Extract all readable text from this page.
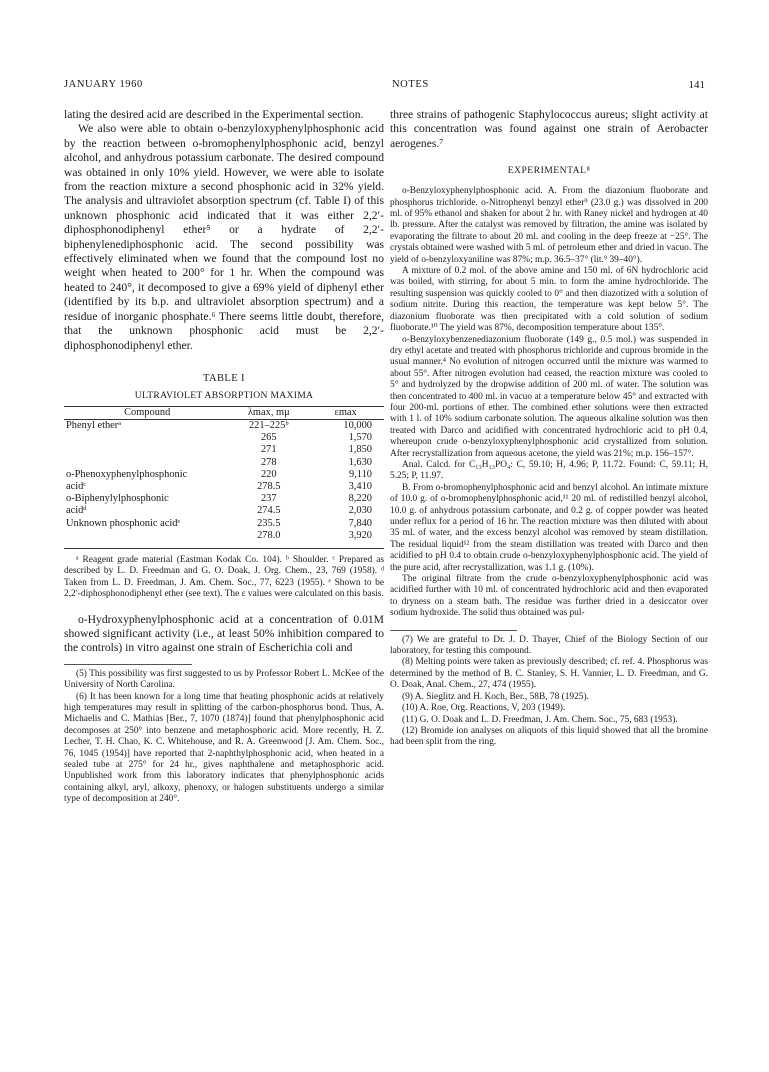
JANUARY 1960	NOTES	141

lating the desired acid are described in the Experimental section.

We also were able to obtain o-benzyloxyphenylphosphonic acid by the reaction between o-bromophenylphosphonic acid, benzyl alcohol, and anhydrous potassium carbonate. The desired compound was obtained in only 10% yield. However, we were able to isolate from the reaction mixture a second phosphonic acid in 32% yield. The analysis and ultraviolet absorption spectrum (cf. Table I) of this unknown phosphonic acid indicated that it was either 2,2′-diphosphonodiphenyl ether⁵ or a hydrate of 2,2′-biphenylenediphosphonic acid. The second possibility was effectively eliminated when we found that the compound lost no weight when heated to 200° for 1 hr. When the compound was heated to 240°, it decomposed to give a 69% yield of diphenyl ether (identified by its b.p. and ultraviolet absorption spectrum) and a residue of inorganic phosphate.⁶ There seems little doubt, therefore, that the unknown phosphonic acid must be 2,2′-diphosphonodiphenyl ether.

TABLE I
ULTRAVIOLET ABSORPTION MAXIMA
Compound	λmax, mμ	εmax
Phenyl etherᵃ	221–225ᵇ	10,000
	265	1,570
	271	1,850
	278	1,630
o-Phenoxyphenylphosphonic	220	9,110
acidᶜ	278.5	3,410
o-Biphenylylphosphonic	237	8,220
acidᵈ	274.5	2,030
Unknown phosphonic acidᵉ	235.5	7,840
	278.0	3,920

ᵃ Reagent grade material (Eastman Kodak Co. 104). ᵇ Shoulder. ᶜ Prepared as described by L. D. Freedman and G. O. Doak, J. Org. Chem., 23, 769 (1958). ᵈ Taken from L. D. Freedman, J. Am. Chem. Soc., 77, 6223 (1955). ᵉ Shown to be 2,2′-diphosphonodiphenyl ether (see text). The ε values were calculated on this basis.

o-Hydroxyphenylphosphonic acid at a concentration of 0.01M showed significant activity (i.e., at least 50% inhibition compared to the controls) in vitro against one strain of Escherichia coli and

(5) This possibility was first suggested to us by Professor Robert L. McKee of the University of North Carolina.

(6) It has been known for a long time that heating phosphonic acids at relatively high temperatures may result in splitting of the carbon-phosphorus bond. Thus, A. Michaelis and C. Mathias [Ber., 7, 1070 (1874)] found that phenylphosphonic acid decomposes at 250° into benzene and metaphosphoric acid. More recently, H. Z. Lecher, T. H. Chao, K. C. Whitehouse, and R. A. Greenwood [J. Am. Chem. Soc., 76, 1045 (1954)] have reported that 2-naphthylphosphonic acid, when heated in a sealed tube at 275° for 24 hr., gives naphthalene and metaphosphoric acid. Unpublished work from this laboratory indicates that phenylphosphonic acids containing alkyl, aryl, alkoxy, phenoxy, or halogen substituents undergo a similar type of decomposition at 240°.

three strains of pathogenic Staphylococcus aureus; slight activity at this concentration was found against one strain of Aerobacter aerogenes.⁷

EXPERIMENTAL⁸

o-Benzyloxyphenylphosphonic acid. A. From the diazonium fluoborate and phosphorus trichloride. o-Nitrophenyl benzyl ether⁹ (23.0 g.) was dissolved in 200 ml. of 95% ethanol and shaken for about 2 hr. with Raney nickel and hydrogen at 40 lb. pressure. After the catalyst was removed by filtration, the amine was isolated by evaporating the filtrate to about 20 ml. and cooling in the deep freeze at −25°. The crystals obtained were washed with 5 ml. of petroleum ether and dried in vacuo. The yield of o-benzyloxyaniline was 87%; m.p. 36.5–37° (lit.⁹ 39–40°).

A mixture of 0.2 mol. of the above amine and 150 ml. of 6N hydrochloric acid was boiled, with stirring, for about 5 min. to form the amine hydrochloride. The resulting suspension was quickly cooled to 0° and then diazotized with a solution of sodium nitrite. During this reaction, the temperature was kept below 5°. The diazonium fluoborate was then precipitated with a cold solution of sodium fluoborate.¹⁰ The yield was 87%, decomposition temperature about 135°.

o-Benzyloxybenzenediazonium fluoborate (149 g., 0.5 mol.) was suspended in dry ethyl acetate and treated with phosphorus trichloride and cuprous bromide in the usual manner.⁴ No evolution of nitrogen occurred until the mixture was warmed to about 55°. After nitrogen evolution had ceased, the reaction mixture was cooled to 5° and hydrolyzed by the dropwise addition of 200 ml. of water. The solution was then concentrated to 400 ml. in vacuo at a temperature below 45° and extracted with four 200-ml. portions of ether. The combined ether solutions were then extracted with 1 l. of 10% sodium carbonate solution. The aqueous alkaline solution was then treated with Darco and acidified with concentrated hydrochloric acid to pH 0.4, whereupon crude o-benzyloxyphenylphosphonic acid crystallized from solution. After recrystallization from aqueous acetone, the yield was 21%; m.p. 156–157°.

Anal. Calcd. for C₁₃H₁₃PO₄: C, 59.10; H, 4.96; P, 11.72. Found: C, 59.11; H, 5.25; P, 11.97.

B. From o-bromophenylphosphonic acid and benzyl alcohol. An intimate mixture of 10.0 g. of o-bromophenylphosphonic acid,¹¹ 20 ml. of redistilled benzyl alcohol, 10.0 g. of anhydrous potassium carbonate, and 0.2 g. of copper powder was heated under reflux for a period of 16 hr. The reaction mixture was then diluted with about 35 ml. of water, and the excess benzyl alcohol was removed by steam distillation. The residual liquid¹² from the steam distillation was treated with Darco and then acidified to pH 0.4 to obtain crude o-benzyloxyphenylphosphonic acid. The yield of the pure acid, after recrystallization, was 1.1 g. (10%).

The original filtrate from the crude o-benzyloxyphenylphosphonic acid was acidified further with 10 ml. of concentrated hydrochloric acid and then evaporated to dryness on a steam bath. The residue was further dried in a desiccator over sodium hydroxide. The solid thus obtained was pul-

(7) We are grateful to Dr. J. D. Thayer, Chief of the Biology Section of our laboratory, for testing this compound.

(8) Melting points were taken as previously described; cf. ref. 4. Phosphorus was determined by the method of B. C. Stanley, S. H. Vannier, L. D. Freedman, and G. O. Doak, Anal. Chem., 27, 474 (1955).

(9) A. Sieglitz and H. Koch, Ber., 58B, 78 (1925).

(10) A. Roe, Org. Reactions, V, 203 (1949).

(11) G. O. Doak and L. D. Freedman, J. Am. Chem. Soc., 75, 683 (1953).

(12) Bromide ion analyses on aliquots of this liquid showed that all the bromine had been split from the ring.
